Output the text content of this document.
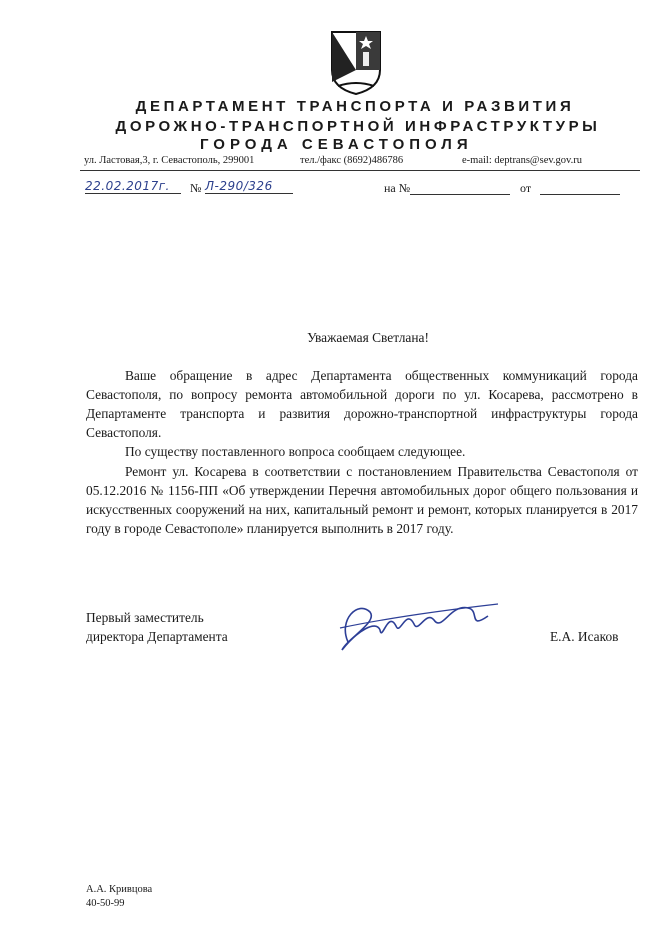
ДЕПАРТАМЕНТ ТРАНСПОРТА И РАЗВИТИЯ
ДОРОЖНО-ТРАНСПОРТНОЙ ИНФРАСТРУКТУРЫ
ГОРОДА СЕВАСТОПОЛЯ
ул. Ластовая,3, г. Севастополь, 299001	тел./факс (8692)486786	e-mail: deptrans@sev.gov.ru
22.02.2017г.	№ Л-290/326	на №	от
Уважаемая Светлана!
Ваше обращение в адрес Департамента общественных коммуникаций города Севастополя, по вопросу ремонта автомобильной дороги по ул. Косарева, рассмотрено в Департаменте транспорта и развития дорожно-транспортной инфраструктуры города Севастополя.
По существу поставленного вопроса сообщаем следующее.
Ремонт ул. Косарева в соответствии с постановлением Правительства Севастополя от 05.12.2016 № 1156-ПП «Об утверждении Перечня автомобильных дорог общего пользования и искусственных сооружений на них, капитальный ремонт и ремонт, которых планируется в 2017 году в городе Севастополе» планируется выполнить в 2017 году.
Первый заместитель
директора Департамента	Е.А. Исаков
А.А. Кривцова
40-50-99
